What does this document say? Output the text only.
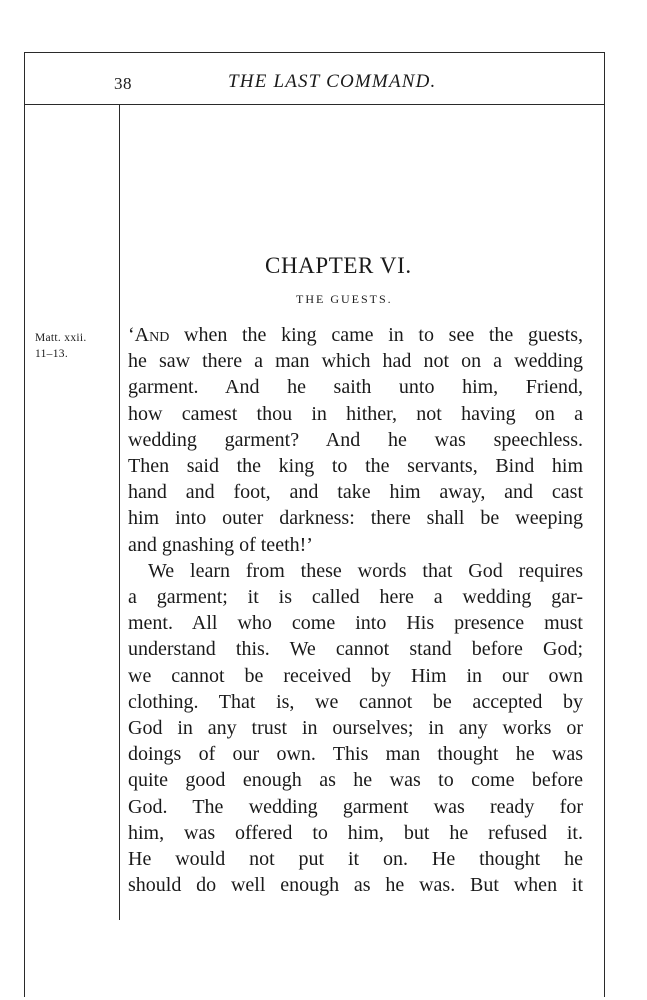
38	THE LAST COMMAND.
CHAPTER VI.
THE GUESTS.
Matt. xxii.
11–13.
‘And when the king came in to see the guests,
he saw there a man which had not on a wedding
garment. And he saith unto him, Friend,
how camest thou in hither, not having on a
wedding garment? And he was speechless.
Then said the king to the servants, Bind him
hand and foot, and take him away, and cast
him into outer darkness: there shall be weeping
and gnashing of teeth!’
We learn from these words that God requires
a garment; it is called here a wedding gar-
ment. All who come into His presence must
understand this. We cannot stand before God;
we cannot be received by Him in our own
clothing. That is, we cannot be accepted by
God in any trust in ourselves; in any works or
doings of our own. This man thought he was
quite good enough as he was to come before
God. The wedding garment was ready for
him, was offered to him, but he refused it.
He would not put it on. He thought he
should do well enough as he was. But when it
